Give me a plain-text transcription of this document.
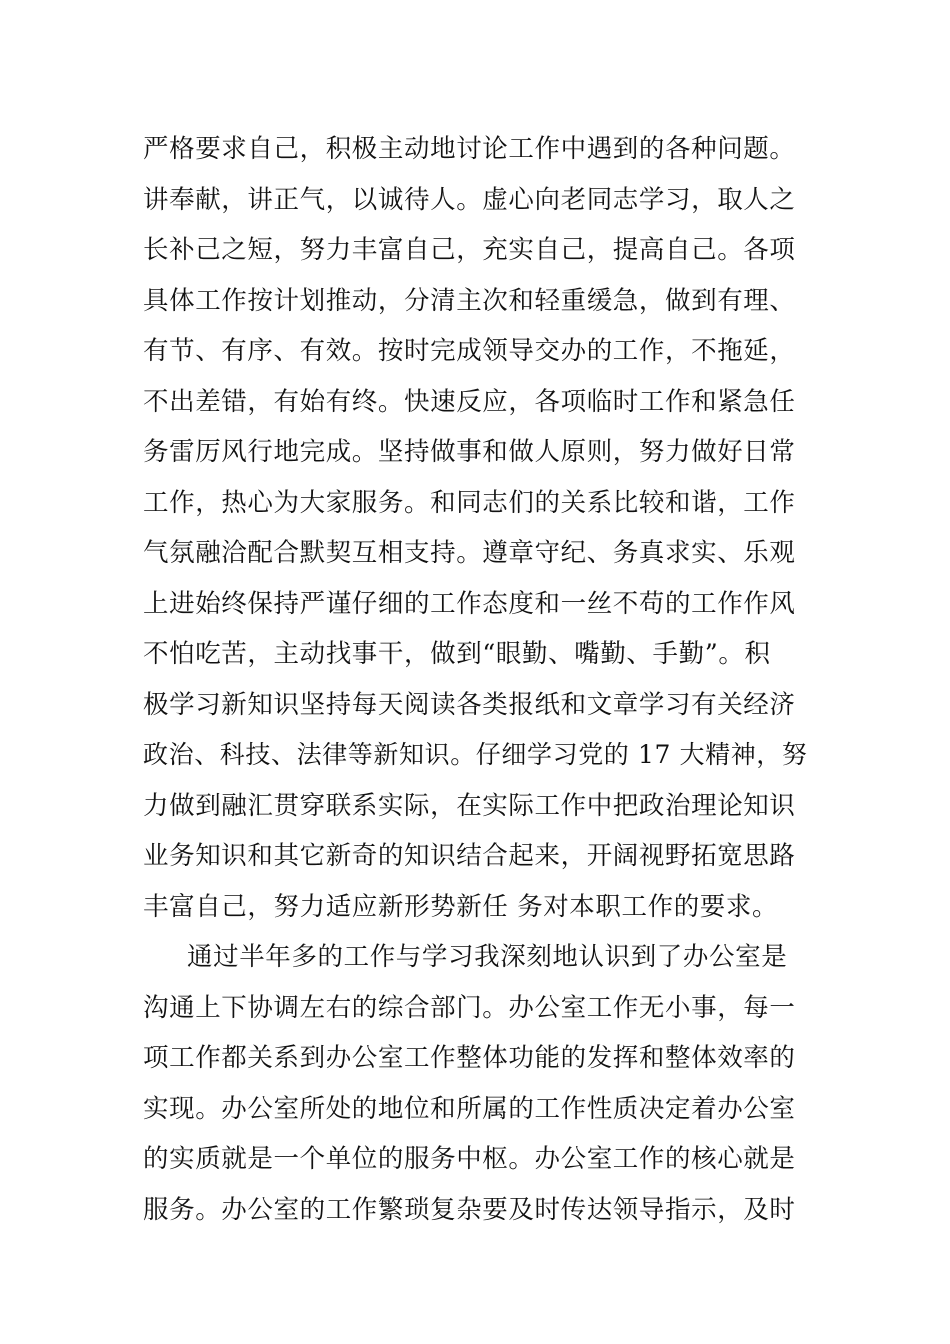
严格要求自己，积极主动地讨论工作中遇到的各种问题。
讲奉献，讲正气，以诚待人。虚心向老同志学习，取人之
长补己之短，努力丰富自己，充实自己，提高自己。各项
具体工作按计划推动，分清主次和轻重缓急，做到有理、
有节、有序、有效。按时完成领导交办的工作，不拖延，
不出差错，有始有终。快速反应，各项临时工作和紧急任
务雷厉风行地完成。坚持做事和做人原则，努力做好日常
工作，热心为大家服务。和同志们的关系比较和谐，工作
气氛融洽配合默契互相支持。遵章守纪、务真求实、乐观
上进始终保持严谨仔细的工作态度和一丝不苟的工作作风
不怕吃苦，主动找事干，做到“眼勤、嘴勤、手勤”。积
极学习新知识坚持每天阅读各类报纸和文章学习有关经济
政治、科技、法律等新知识。仔细学习党的 17 大精神，努
力做到融汇贯穿联系实际，在实际工作中把政治理论知识
业务知识和其它新奇的知识结合起来，开阔视野拓宽思路
丰富自己，努力适应新形势新任 务对本职工作的要求。
通过半年多的工作与学习我深刻地认识到了办公室是
沟通上下协调左右的综合部门。办公室工作无小事，每一
项工作都关系到办公室工作整体功能的发挥和整体效率的
实现。办公室所处的地位和所属的工作性质决定着办公室
的实质就是一个单位的服务中枢。办公室工作的核心就是
服务。办公室的工作繁琐复杂要及时传达领导指示，及时
